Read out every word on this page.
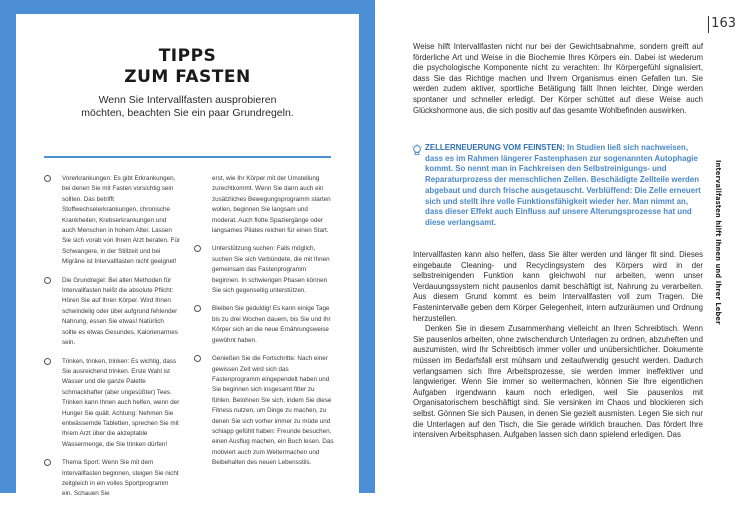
TIPPS
ZUM FASTEN
Wenn Sie Intervallfasten ausprobieren möchten, beachten Sie ein paar Grundregeln.

Vorerkrankungen: Es gibt Erkrankungen, bei denen Sie mit Fasten vorsichtig sein sollten. Das betrifft Stoffwechselerkrankungen, chronische Krankheiten, Krebserkrankungen und auch Menschen in hohem Alter. Lassen Sie sich vorab von Ihrem Arzt beraten. Für Schwangere, in der Stillzeit und bei Migräne ist Intervallfasten nicht geeignet!

Die Grundregel: Bei allen Methoden für Intervallfasten heißt die absolute Pflicht: Hören Sie auf Ihren Körper. Wird Ihnen schwindelig oder übel aufgrund fehlender Nahrung, essen Sie etwas! Natürlich sollte es etwas Gesundes, Kalorienarmes sein.

Trinken, trinken, trinken: Es wichtig, dass Sie ausreichend trinken. Erste Wahl ist Wasser und die ganze Palette schmackhafter (aber ungesüßter) Tees. Trinken kann Ihnen auch helfen, wenn der Hunger Sie quält. Achtung: Nehmen Sie entwässernde Tabletten, sprechen Sie mit Ihrem Arzt über die akzeptable Wassermenge, die Sie trinken dürfen!

Thema Sport: Wenn Sie mit dem Intervallfasten beginnen, steigen Sie nicht zeitgleich in ein volles Sportprogramm ein. Schauen Sie

erst, wie Ihr Körper mit der Umstellung zurechtkommt. Wenn Sie dann auch ein zusätzliches Bewegungsprogramm starten wollen, beginnen Sie langsam und moderat. Auch flotte Spaziergänge oder langsames Pilates reichen für einen Start.

Unterstützung suchen: Falls möglich, suchen Sie sich Verbündete, die mit Ihnen gemeinsam das Fastenprogramm beginnen. In schwierigen Phasen können Sie sich gegenseitig unterstützen.

Bleiben Sie geduldig! Es kann einige Tage bis zu drei Wochen dauern, bis Sie und Ihr Körper sich an die neue Ernährungsweise gewöhnt haben.

Genießen Sie die Fortschritte: Nach einer gewissen Zeit wird sich das Fastenprogramm eingependelt haben und Sie beginnen sich insgesamt fitter zu fühlen. Belohnen Sie sich, indem Sie diese Fitness nutzen, um Dinge zu machen, zu denen Sie sich vorher immer zu müde und schlapp gefühlt haben: Freunde besuchen, einen Ausflug machen, ein Buch lesen. Das motiviert auch zum Weitermachen und Beibehalten des neuen Lebensstils.

163

Weise hilft Intervallfasten nicht nur bei der Gewichtsabnahme, sondern greift auf förderliche Art und Weise in die Biochemie Ihres Körpers ein. Dabei ist wiederum die psychologische Komponente nicht zu verachten: Ihr Körpergefühl signalisiert, dass Sie das Richtige machen und Ihrem Organismus einen Gefallen tun. Sie werden zudem aktiver, sportliche Betätigung fällt Ihnen leichter, Dinge werden spontaner und schneller erledigt. Der Körper schüttet auf diese Weise auch Glückshormone aus, die sich positiv auf das gesamte Wohlbefinden auswirken.

ZELLERNEUERUNG VOM FEINSTEN: In Studien ließ sich nachweisen, dass es im Rahmen längerer Fastenphasen zur sogenannten Autophagie kommt. So nennt man in Fachkreisen den Selbstreinigungs- und Reparaturprozess der menschlichen Zellen. Beschädigte Zellteile werden abgebaut und durch frische ausgetauscht. Verblüffend: Die Zelle erneuert sich und stellt ihre volle Funktionsfähigkeit wieder her. Man nimmt an, dass dieser Effekt auch Einfluss auf unsere Alterungsprozesse hat und diese verlangsamt.

Intervallfasten kann also helfen, dass Sie älter werden und länger fit sind. Dieses eingebaute Cleaning- und Recyclingsystem des Körpers wird in der selbstreinigenden Funktion kann gleichwohl nur arbeiten, wenn unser Verdauungssystem nicht pausenlos damit beschäftigt ist, Nahrung zu verarbeiten. Aus diesem Grund kommt es beim Intervallfasten voll zum Tragen. Die Fastenintervalle geben dem Körper Gelegenheit, intern aufzuräumen und Ordnung herzustellen.

Denken Sie in diesem Zusammenhang vielleicht an Ihren Schreibtisch. Wenn Sie pausenlos arbeiten, ohne zwischendurch Unterlagen zu ordnen, abzuheften und auszumisten, wird Ihr Schreibtisch immer voller und unübersichtlicher. Dokumente müssen im Bedarfsfall erst mühsam und zeitaufwendig gesucht werden. Dadurch verlangsamen sich Ihre Arbeitsprozesse, sie werden immer ineffektiver und langwieriger. Wenn Sie immer so weitermachen, können Sie Ihre eigentlichen Aufgaben irgendwann kaum noch erledigen, weil Sie pausenlos mit Organisatorischem beschäftigt sind. Sie versinken im Chaos und blockieren sich selbst. Gönnen Sie sich Pausen, in denen Sie gezielt ausmisten. Legen Sie sich nur die Unterlagen auf den Tisch, die Sie gerade wirklich brauchen. Das fördert Ihre intensiven Arbeitsphasen. Aufgaben lassen sich dann spielend erledigen. Das

Intervallfasten hilft Ihnen und Ihrer Leber
